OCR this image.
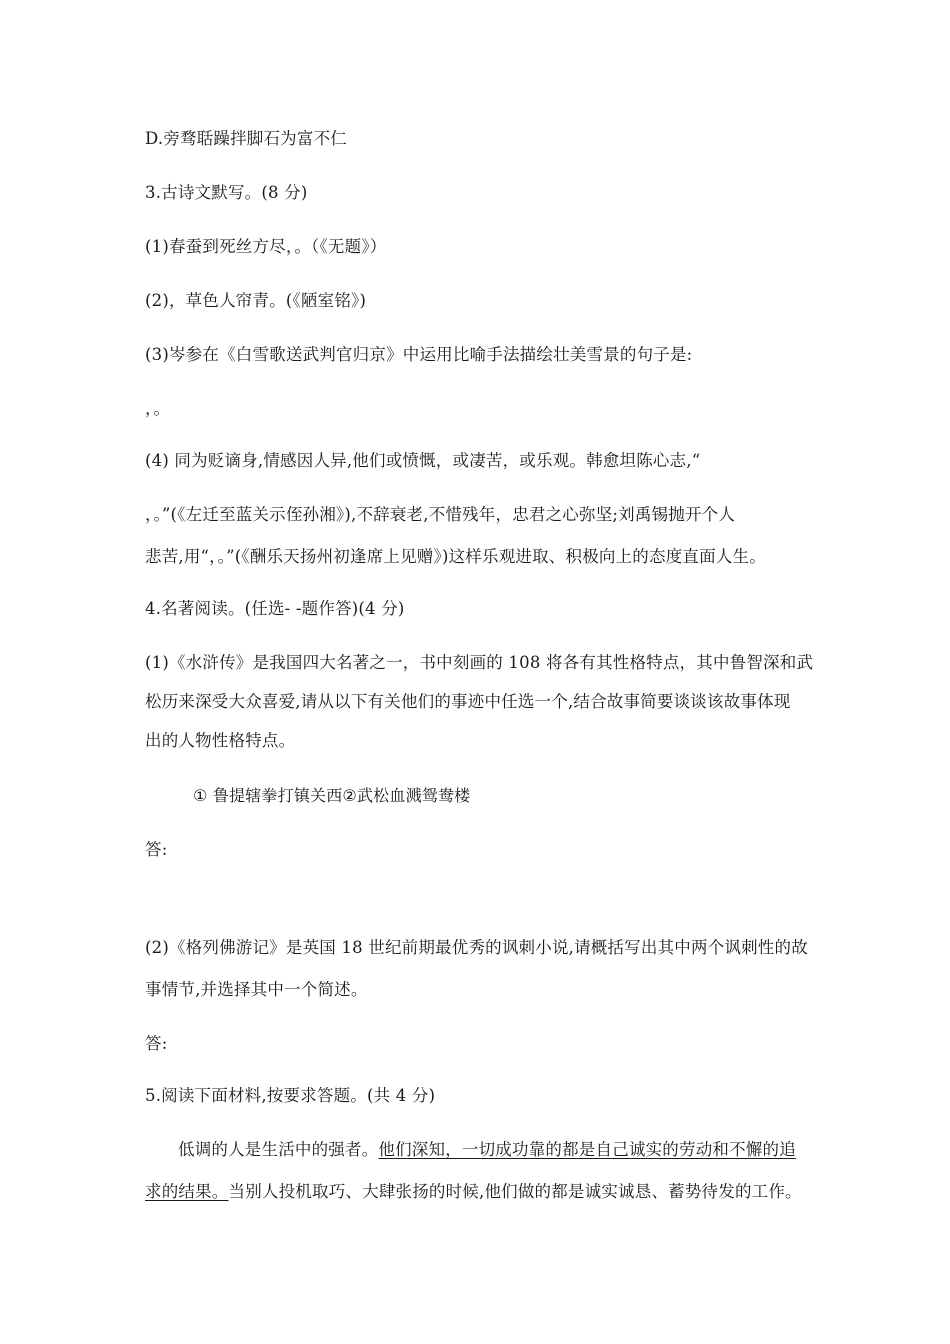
D.旁骛聒躁拌脚石为富不仁
3.古诗文默写。(8 分)
(1)春蚕到死丝方尽，。（《无题》）
(2)，草色人帘青。(《陋室铭》)
(3)岑参在《白雪歌送武判官归京》中运用比喻手法描绘壮美雪景的句子是:
，。
(4) 同为贬谪身,情感因人异,他们或愤慨，或凄苦，或乐观。韩愈坦陈心志,“
，。”(《左迁至蓝关示侄孙湘》),不辞衰老,不惜残年，忠君之心弥坚;刘禹锡抛开个人
悲苦,用“，。”(《酬乐天扬州初逢席上见赠》)这样乐观进取、积极向上的态度直面人生。
4.名著阅读。(任选- -题作答)(4 分)
(1)《水浒传》是我国四大名著之一，书中刻画的 108 将各有其性格特点，其中鲁智深和武
松历来深受大众喜爱,请从以下有关他们的事迹中任选一个,结合故事简要谈谈该故事体现
出的人物性格特点。
① 鲁提辖拳打镇关西②武松血溅鸳鸯楼
答:
(2)《格列佛游记》是英国 18 世纪前期最优秀的讽刺小说,请概括写出其中两个讽刺性的故
事情节,并选择其中一个简述。
答:
5.阅读下面材料,按要求答题。(共 4 分)
低调的人是生活中的强者。他们深知，一切成功靠的都是自己诚实的劳动和不懈的追
求的结果。当别人投机取巧、大肆张扬的时候,他们做的都是诚实诚恳、蓄势待发的工作。
